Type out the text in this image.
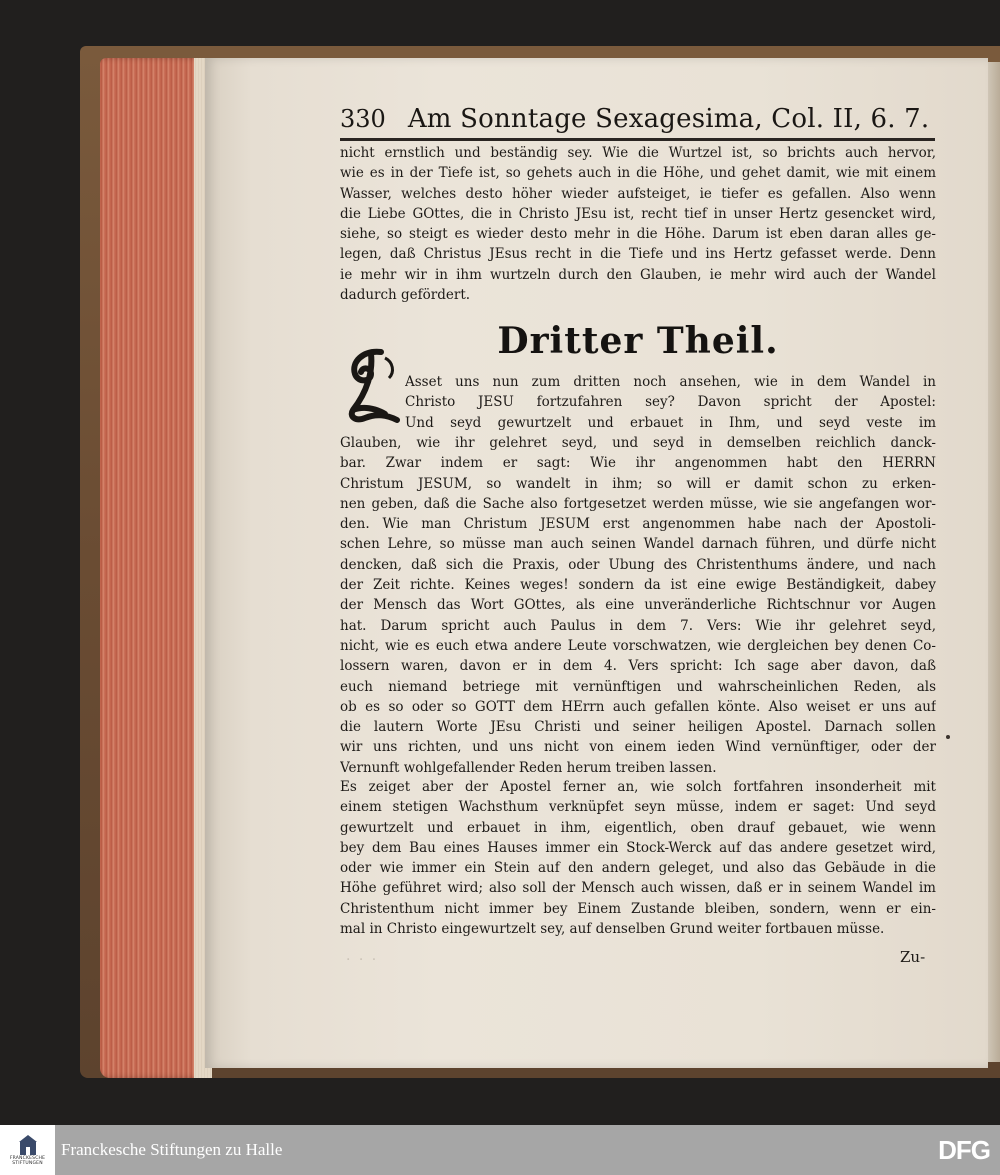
330 Am Sonntage Sexagesima, Col. II, 6. 7.
nicht ernstlich und beständig sey. Wie die Wurtzel ist, so brichts auch hervor,
wie es in der Tiefe ist, so gehets auch in die Höhe, und gehet damit, wie mit einem
Wasser, welches desto höher wieder aufsteiget, ie tiefer es gefallen. Also wenn
die Liebe GOttes, die in Christo JEsu ist, recht tief in unser Hertz gesencket wird,
siehe, so steigt es wieder desto mehr in die Höhe. Darum ist eben daran alles ge-
legen, daß Christus JEsus recht in die Tiefe und ins Hertz gefasset werde. Denn
ie mehr wir in ihm wurtzeln durch den Glauben, ie mehr wird auch der Wandel
dadurch gefördert.
Dritter Theil.
L
Asset uns nun zum dritten noch ansehen, wie in dem Wandel in
Christo JESU fortzufahren sey? Davon spricht der Apostel:
Und seyd gewurtzelt und erbauet in Ihm, und seyd veste im
Glauben, wie ihr gelehret seyd, und seyd in demselben reichlich danck-
bar. Zwar indem er sagt: Wie ihr angenommen habt den HERRN
Christum JESUM, so wandelt in ihm; so will er damit schon zu erken-
nen geben, daß die Sache also fortgesetzet werden müsse, wie sie angefangen wor-
den. Wie man Christum JESUM erst angenommen habe nach der Apostoli-
schen Lehre, so müsse man auch seinen Wandel darnach führen, und dürfe nicht
dencken, daß sich die Praxis, oder Ubung des Christenthums ändere, und nach
der Zeit richte. Keines weges! sondern da ist eine ewige Beständigkeit, dabey
der Mensch das Wort GOttes, als eine unveränderliche Richtschnur vor Augen
hat. Darum spricht auch Paulus in dem 7. Vers: Wie ihr gelehret seyd,
nicht, wie es euch etwa andere Leute vorschwatzen, wie dergleichen bey denen Co-
lossern waren, davon er in dem 4. Vers spricht: Ich sage aber davon, daß
euch niemand betriege mit vernünftigen und wahrscheinlichen Reden, als
ob es so oder so GOTT dem HErrn auch gefallen könte. Also weiset er uns auf
die lautern Worte JEsu Christi und seiner heiligen Apostel. Darnach sollen
wir uns richten, und uns nicht von einem ieden Wind vernünftiger, oder der
Vernunft wohlgefallender Reden herum treiben lassen.
Es zeiget aber der Apostel ferner an, wie solch fortfahren insonderheit mit
einem stetigen Wachsthum verknüpfet seyn müsse, indem er saget: Und seyd
gewurtzelt und erbauet in ihm, eigentlich, oben drauf gebauet, wie wenn
bey dem Bau eines Hauses immer ein Stock-Werck auf das andere gesetzet wird,
oder wie immer ein Stein auf den andern geleget, und also das Gebäude in die
Höhe geführet wird; also soll der Mensch auch wissen, daß er in seinem Wandel im
Christenthum nicht immer bey Einem Zustande bleiben, sondern, wenn er ein-
mal in Christo eingewurtzelt sey, auf denselben Grund weiter fortbauen müsse.
· · ·	Zu-
FRANCKESCHE
STIFTUNGEN
Franckesche Stiftungen zu Halle	DFG
